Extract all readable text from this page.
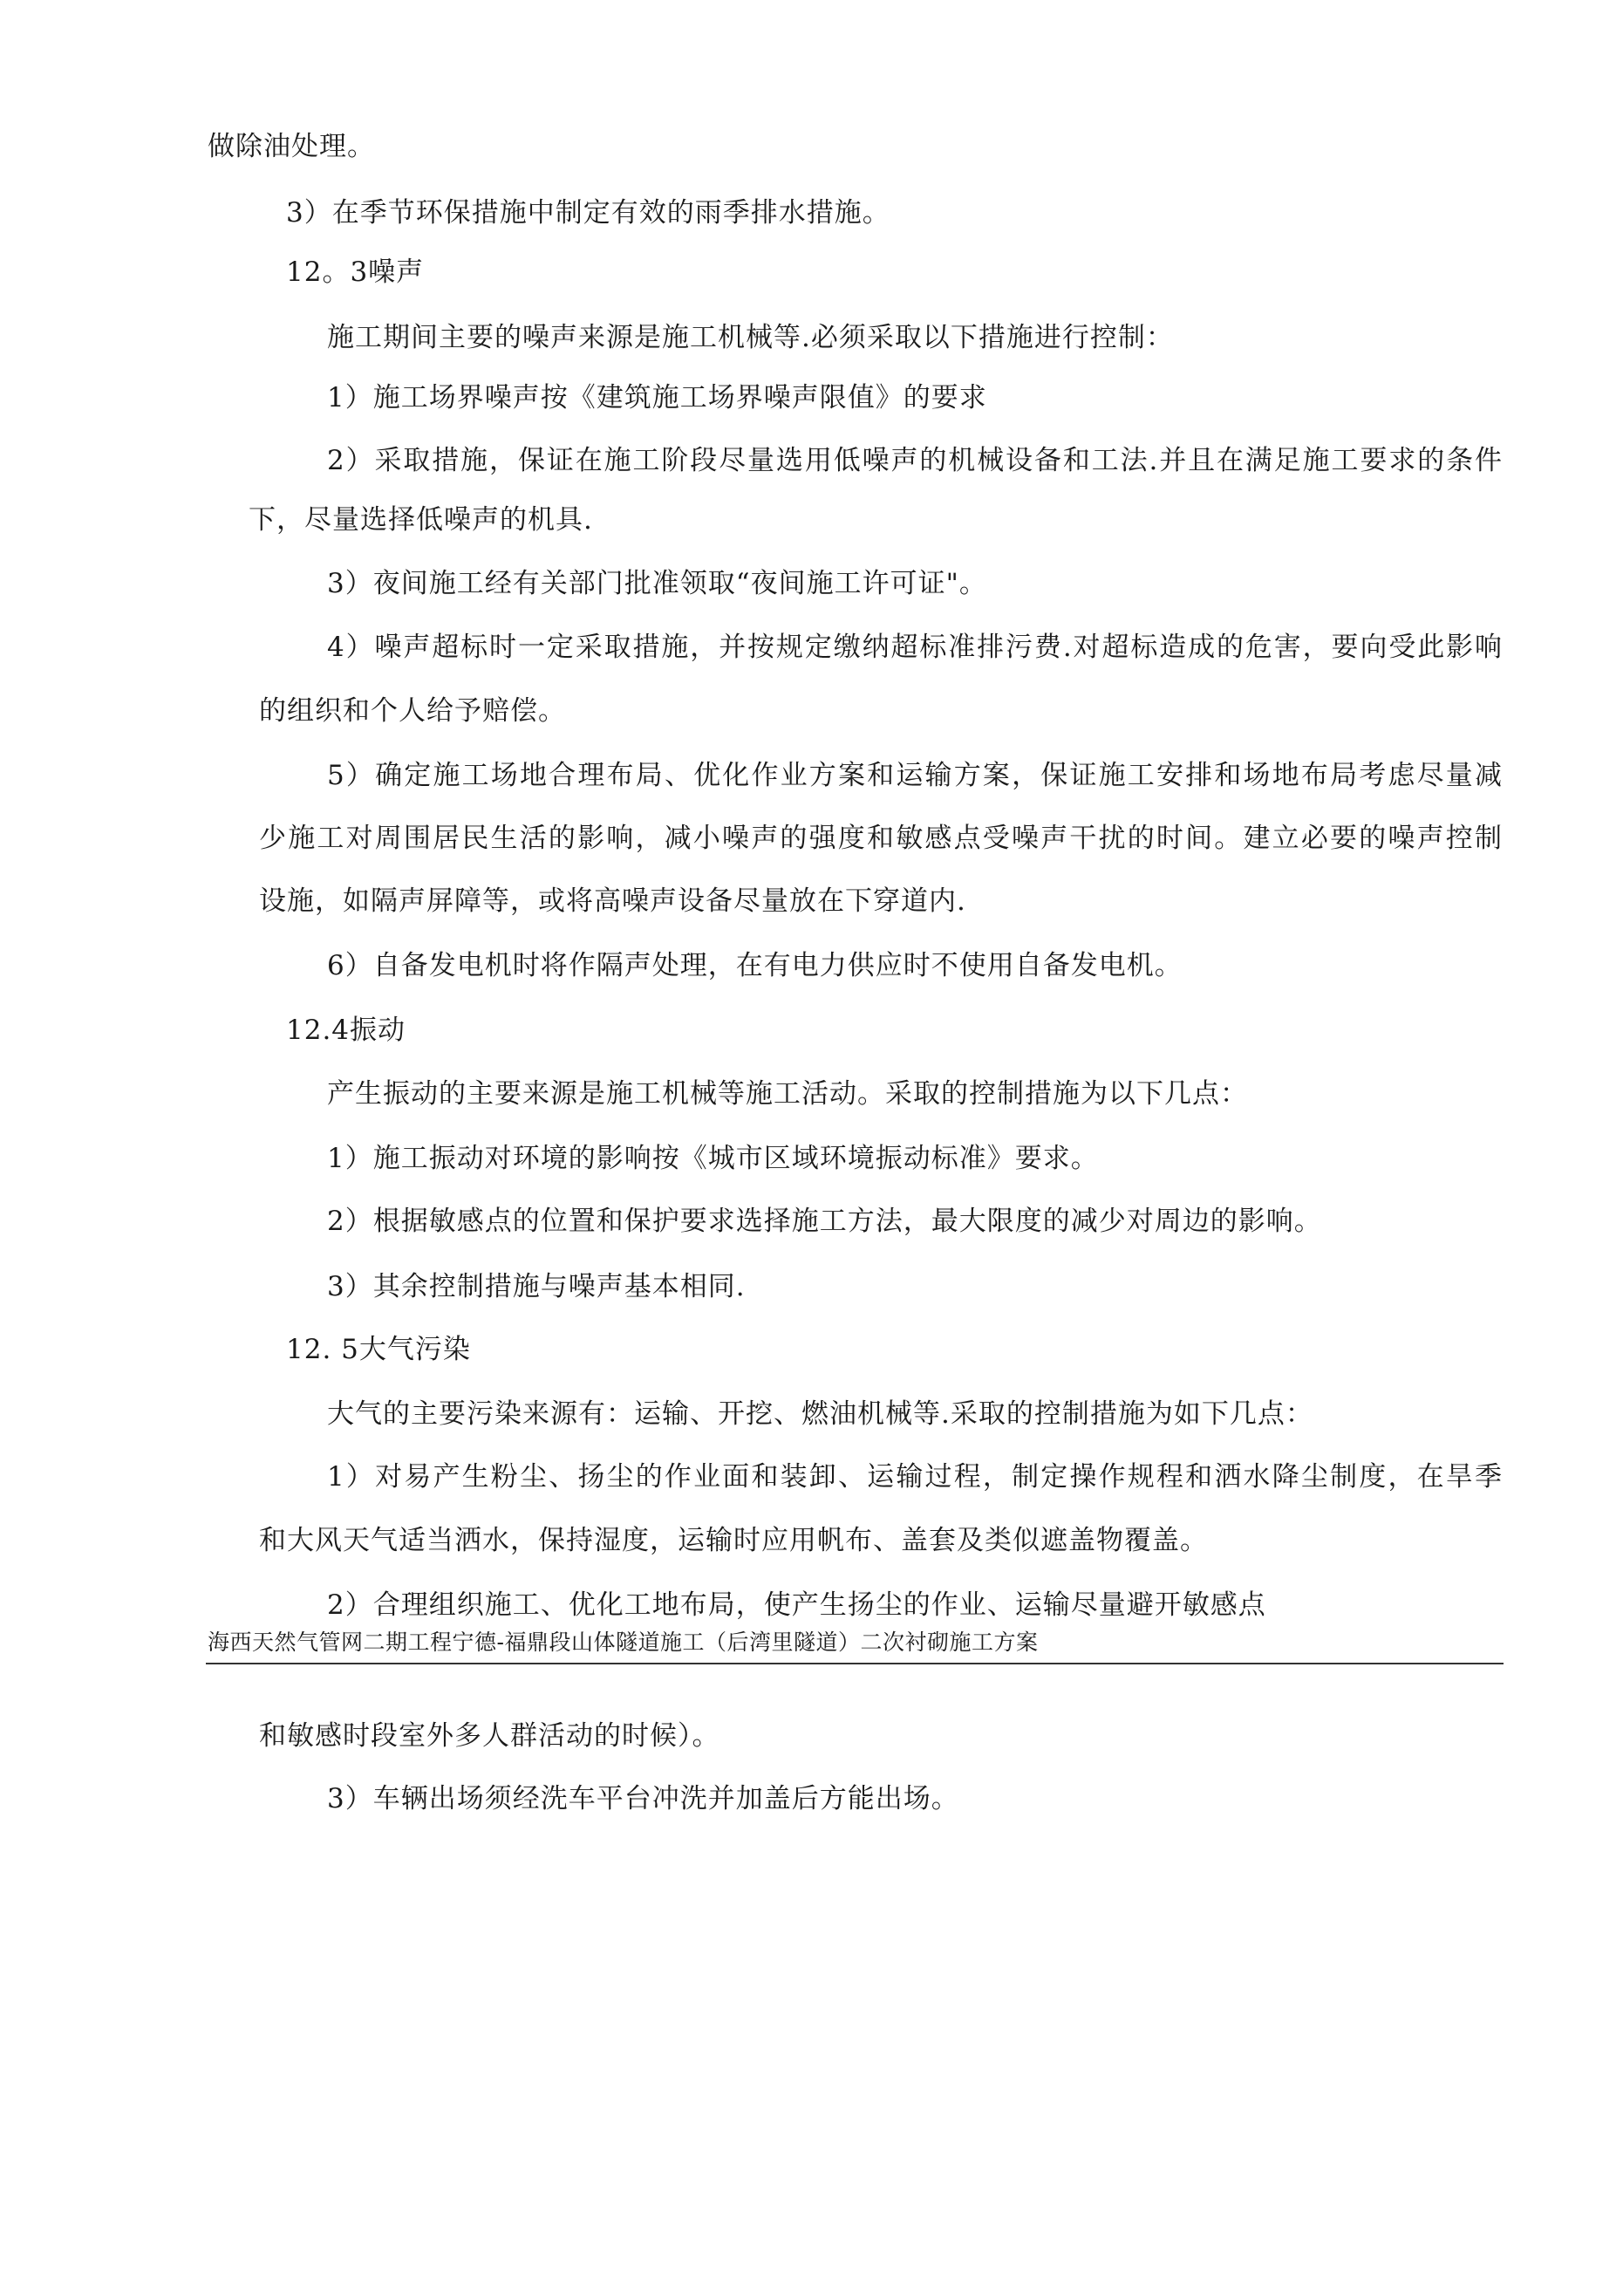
做除油处理。
3）在季节环保措施中制定有效的雨季排水措施。
12。3噪声
施工期间主要的噪声来源是施工机械等.必须采取以下措施进行控制：
1）施工场界噪声按《建筑施工场界噪声限值》的要求
2）采取措施，保证在施工阶段尽量选用低噪声的机械设备和工法.并且在满足施工要求的条件
下，尽量选择低噪声的机具.
3）夜间施工经有关部门批准领取“夜间施工许可证"。
4）噪声超标时一定采取措施，并按规定缴纳超标准排污费.对超标造成的危害，要向受此影响
的组织和个人给予赔偿。
5）确定施工场地合理布局、优化作业方案和运输方案，保证施工安排和场地布局考虑尽量减
少施工对周围居民生活的影响，减小噪声的强度和敏感点受噪声干扰的时间。建立必要的噪声控制
设施，如隔声屏障等，或将高噪声设备尽量放在下穿道内.
6）自备发电机时将作隔声处理，在有电力供应时不使用自备发电机。
12.4振动
产生振动的主要来源是施工机械等施工活动。采取的控制措施为以下几点：
1）施工振动对环境的影响按《城市区域环境振动标准》要求。
2）根据敏感点的位置和保护要求选择施工方法，最大限度的减少对周边的影响。
3）其余控制措施与噪声基本相同.
12. 5大气污染
大气的主要污染来源有：运输、开挖、燃油机械等.采取的控制措施为如下几点：
1）对易产生粉尘、扬尘的作业面和装卸、运输过程，制定操作规程和洒水降尘制度，在旱季
和大风天气适当洒水，保持湿度，运输时应用帆布、盖套及类似遮盖物覆盖。
2）合理组织施工、优化工地布局，使产生扬尘的作业、运输尽量避开敏感点
海西天然气管网二期工程宁德-福鼎段山体隧道施工（后湾里隧道）二次衬砌施工方案
和敏感时段室外多人群活动的时候）。
3）车辆出场须经洗车平台冲洗并加盖后方能出场。
